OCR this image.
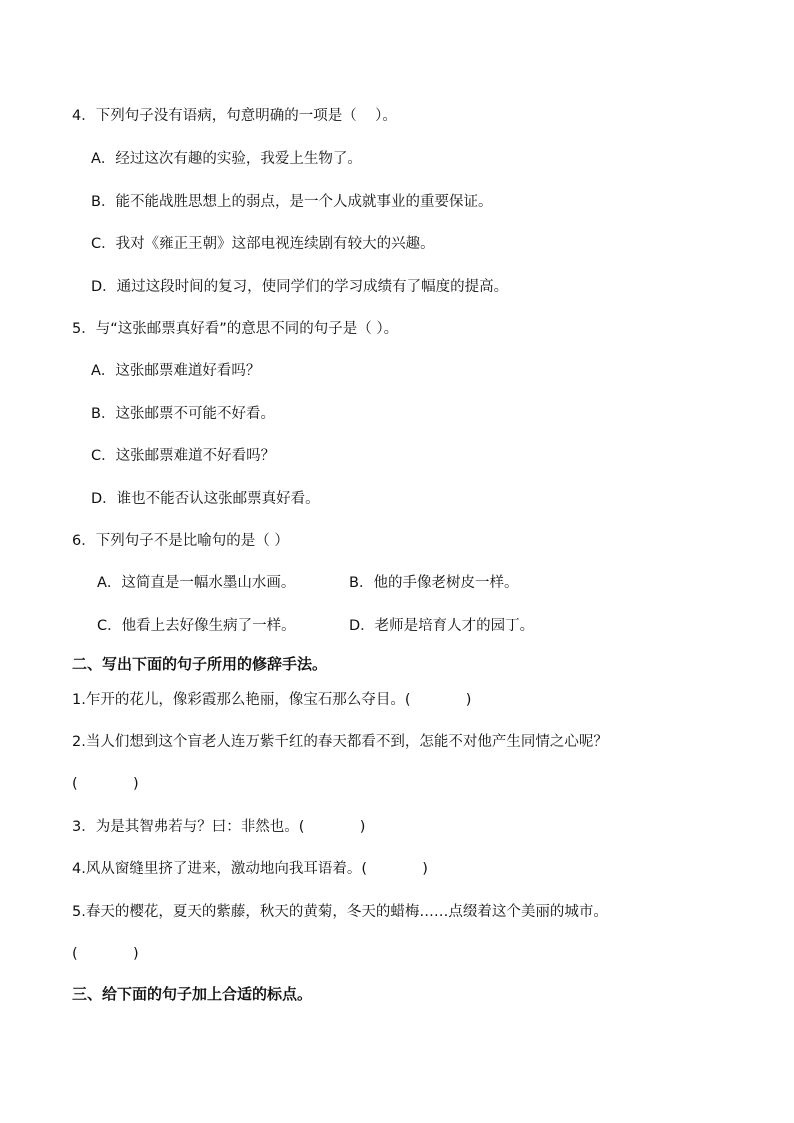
4．下列句子没有语病，句意明确的一项是（    ）。
A．经过这次有趣的实验，我爱上生物了。
B．能不能战胜思想上的弱点，是一个人成就事业的重要保证。
C．我对《雍正王朝》这部电视连续剧有较大的兴趣。
D．通过这段时间的复习，使同学们的学习成绩有了幅度的提高。
5．与“这张邮票真好看”的意思不同的句子是（ ）。
A．这张邮票难道好看吗？
B．这张邮票不可能不好看。
C．这张邮票难道不好看吗？
D．谁也不能否认这张邮票真好看。
6．下列句子不是比喻句的是（ ）
A．这简直是一幅水墨山水画。	B．他的手像老树皮一样。
C．他看上去好像生病了一样。	D．老师是培育人才的园丁。
二、写出下面的句子所用的修辞手法。
1.乍开的花儿，像彩霞那么艳丽，像宝石那么夺目。(            )
2.当人们想到这个盲老人连万紫千红的春天都看不到，怎能不对他产生同情之心呢？
(            )
3．为是其智弗若与？曰：非然也。(            )
4.风从窗缝里挤了进来，激动地向我耳语着。(            )
5.春天的樱花，夏天的紫藤，秋天的黄菊，冬天的蜡梅……点缀着这个美丽的城市。
(            )
三、给下面的句子加上合适的标点。
